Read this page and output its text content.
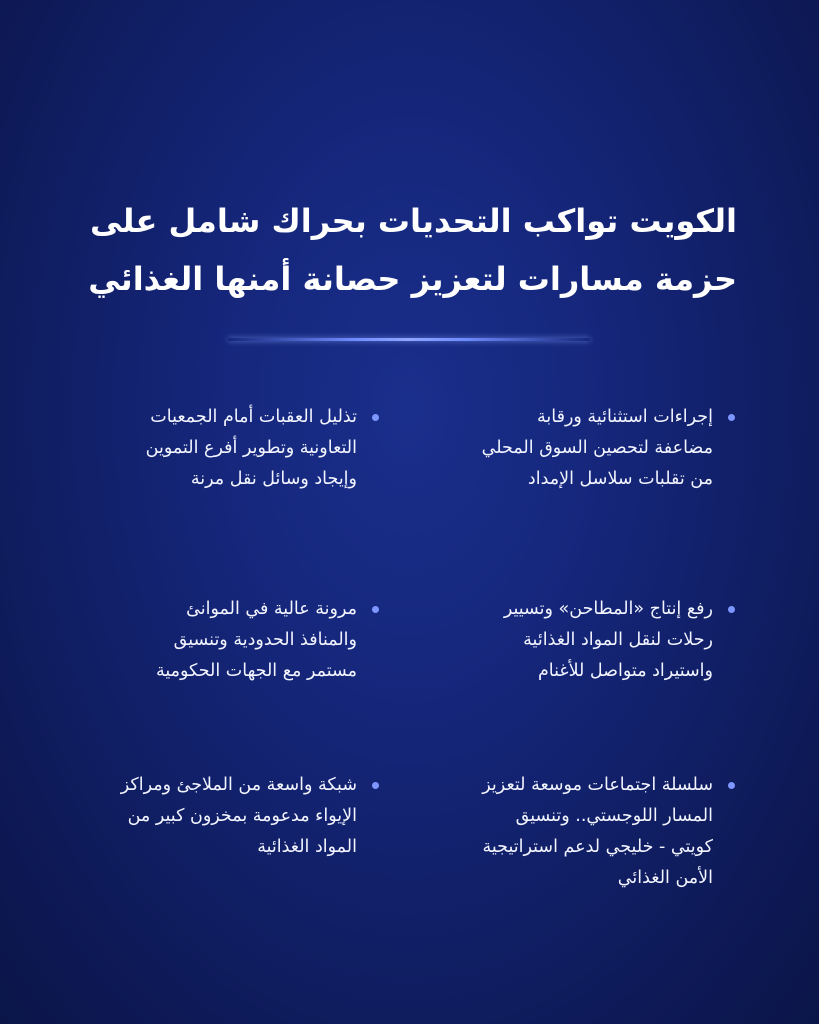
الكويت تواكب التحديات بحراك شامل على
حزمة مسارات لتعزيز حصانة أمنها الغذائي
إجراءات استثنائية ورقابة
مضاعفة لتحصين السوق المحلي
من تقلبات سلاسل الإمداد
تذليل العقبات أمام الجمعيات
التعاونية وتطوير أفرع التموين
وإيجاد وسائل نقل مرنة
رفع إنتاج «المطاحن» وتسيير
رحلات لنقل المواد الغذائية
واستيراد متواصل للأغنام
مرونة عالية في الموانئ
والمنافذ الحدودية وتنسيق
مستمر مع الجهات الحكومية
سلسلة اجتماعات موسعة لتعزيز
المسار اللوجستي.. وتنسيق
كويتي - خليجي لدعم استراتيجية
الأمن الغذائي
شبكة واسعة من الملاجئ ومراكز
الإيواء مدعومة بمخزون كبير من
المواد الغذائية
